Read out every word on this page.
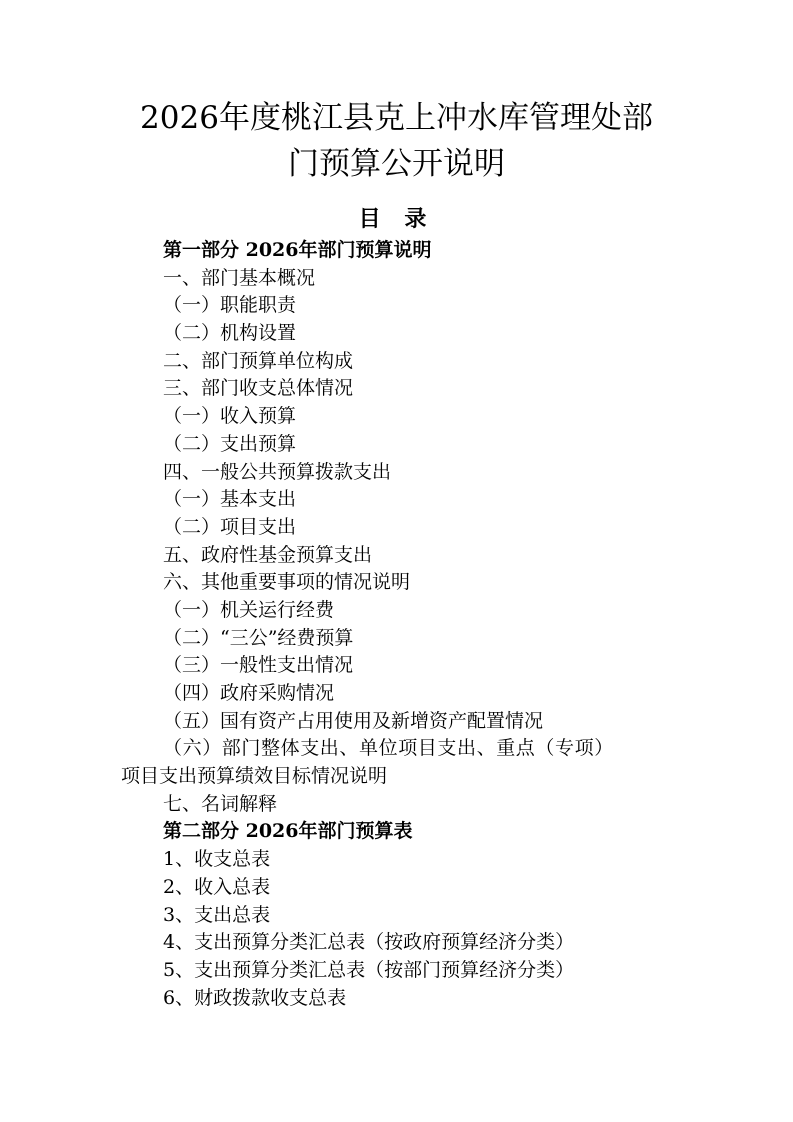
2026年度桃江县克上冲水库管理处部
门预算公开说明
目 录
第一部分 2026年部门预算说明
一、部门基本概况
（一）职能职责
（二）机构设置
二、部门预算单位构成
三、部门收支总体情况
（一）收入预算
（二）支出预算
四、一般公共预算拨款支出
（一）基本支出
（二）项目支出
五、政府性基金预算支出
六、其他重要事项的情况说明
（一）机关运行经费
（二）“三公”经费预算
（三）一般性支出情况
（四）政府采购情况
（五）国有资产占用使用及新增资产配置情况
（六）部门整体支出、单位项目支出、重点（专项）
项目支出预算绩效目标情况说明
七、名词解释
第二部分 2026年部门预算表
1、收支总表
2、收入总表
3、支出总表
4、支出预算分类汇总表（按政府预算经济分类）
5、支出预算分类汇总表（按部门预算经济分类）
6、财政拨款收支总表
